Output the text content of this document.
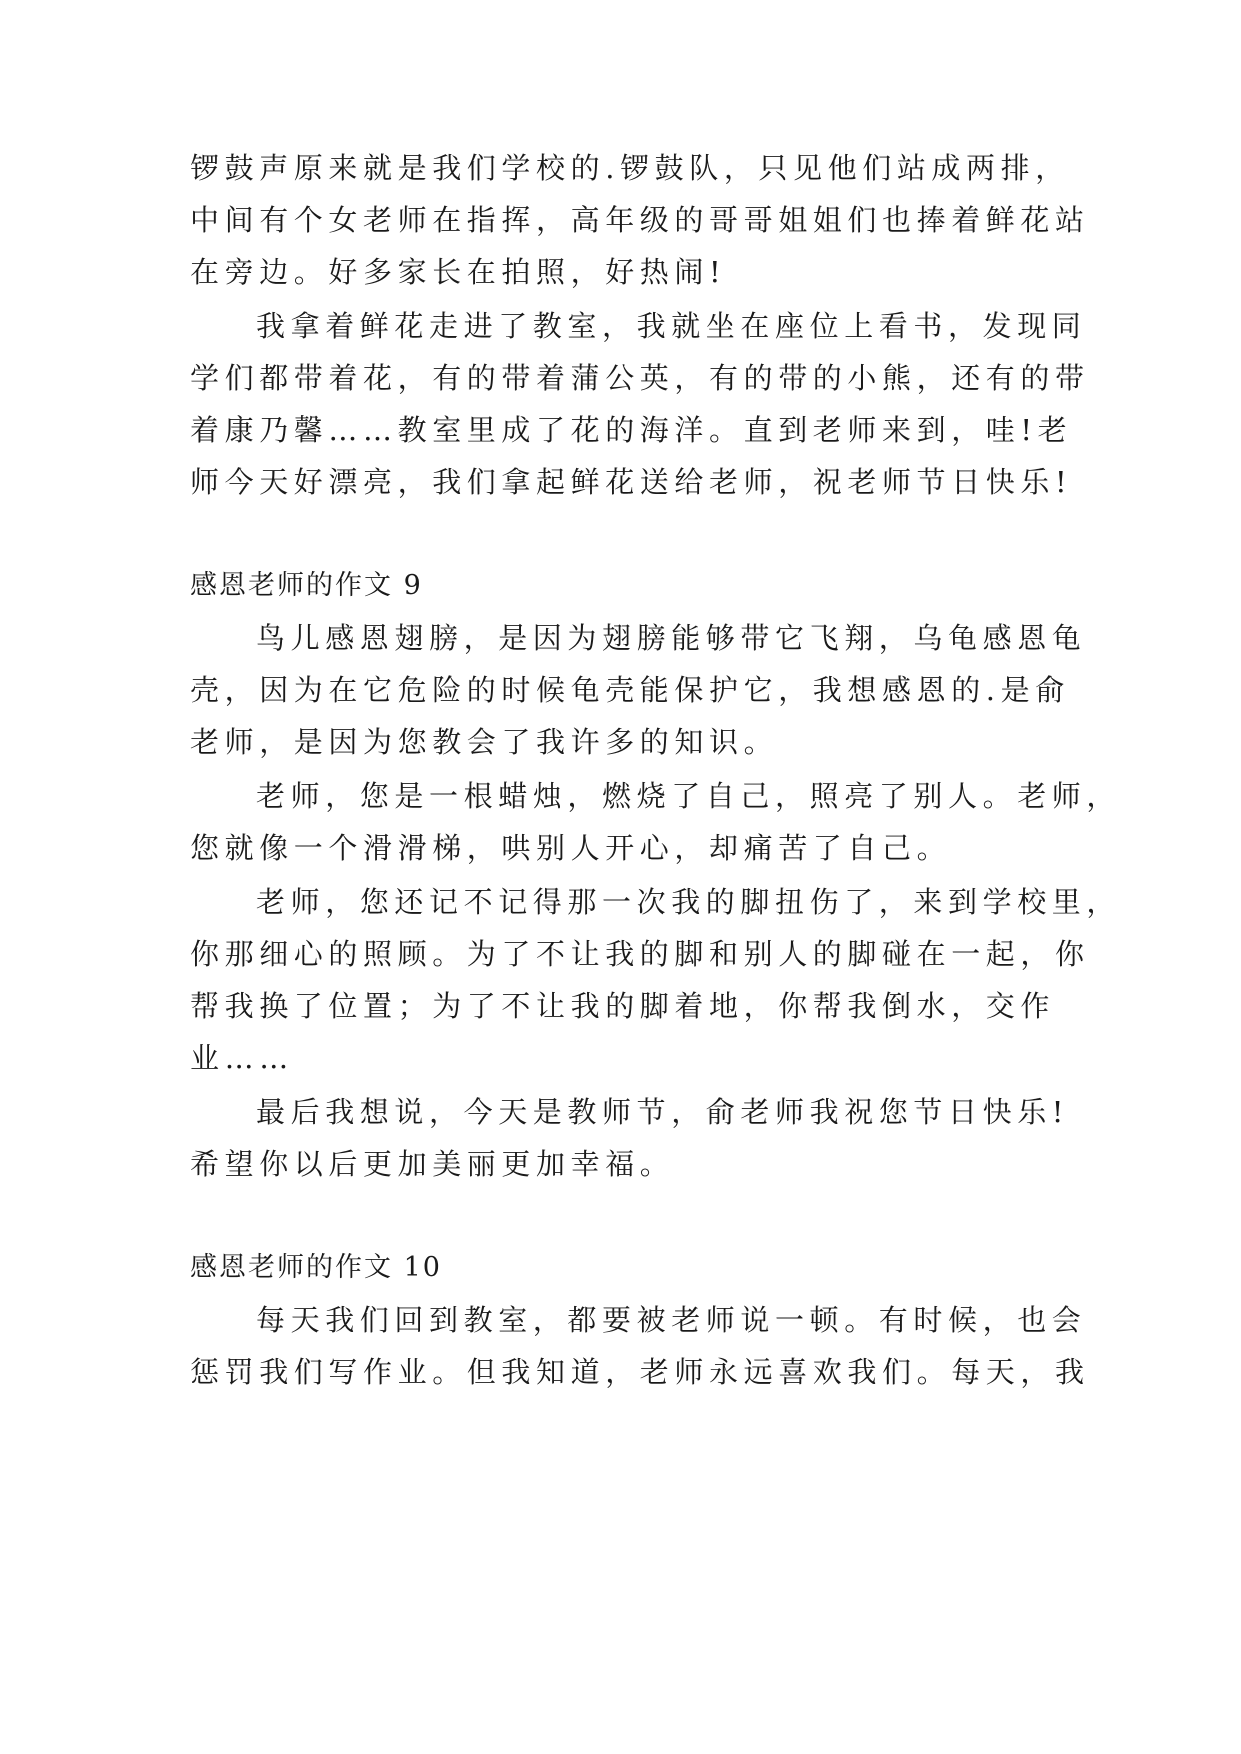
锣鼓声原来就是我们学校的.锣鼓队，只见他们站成两排，
中间有个女老师在指挥，高年级的哥哥姐姐们也捧着鲜花站
在旁边。好多家长在拍照，好热闹!
我拿着鲜花走进了教室，我就坐在座位上看书，发现同
学们都带着花，有的带着蒲公英，有的带的小熊，还有的带
着康乃馨……教室里成了花的海洋。直到老师来到，哇!老
师今天好漂亮，我们拿起鲜花送给老师，祝老师节日快乐!
感恩老师的作文 9
鸟儿感恩翅膀，是因为翅膀能够带它飞翔，乌龟感恩龟
壳，因为在它危险的时候龟壳能保护它，我想感恩的.是俞
老师，是因为您教会了我许多的知识。
老师，您是一根蜡烛，燃烧了自己，照亮了别人。老师，
您就像一个滑滑梯，哄别人开心，却痛苦了自己。
老师，您还记不记得那一次我的脚扭伤了，来到学校里，
你那细心的照顾。为了不让我的脚和别人的脚碰在一起，你
帮我换了位置；为了不让我的脚着地，你帮我倒水，交作
业……
最后我想说，今天是教师节，俞老师我祝您节日快乐!
希望你以后更加美丽更加幸福。
感恩老师的作文 10
每天我们回到教室，都要被老师说一顿。有时候，也会
惩罚我们写作业。但我知道，老师永远喜欢我们。每天，我
